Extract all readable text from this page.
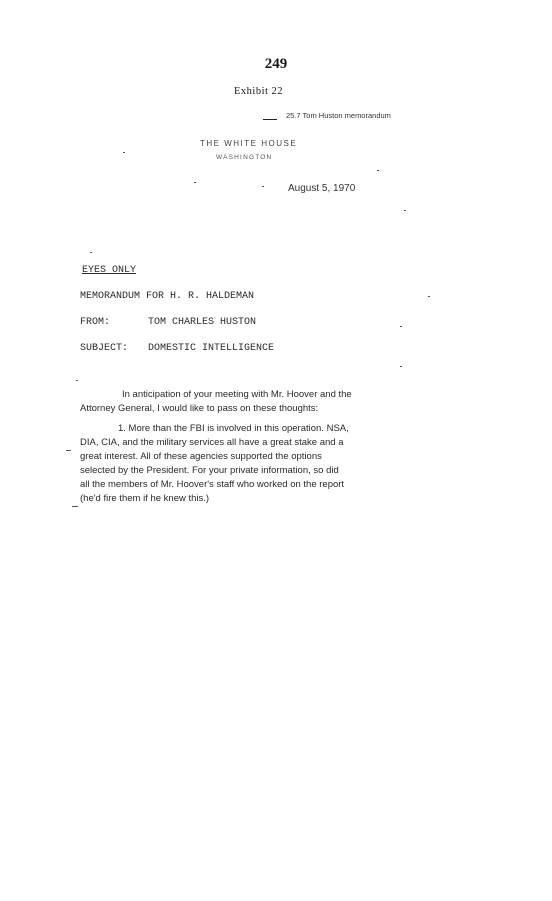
249
Exhibit 22
25.7 Tom Huston memorandum
THE WHITE HOUSE
WASHINGTON
August 5, 1970
EYES ONLY
MEMORANDUM FOR H. R. HALDEMAN
FROM:	TOM CHARLES HUSTON
SUBJECT: DOMESTIC INTELLIGENCE
In anticipation of your meeting with Mr. Hoover and the
Attorney General, I would like to pass on these thoughts:
1. More than the FBI is involved in this operation. NSA,
DIA, CIA, and the military services all have a great stake and a
great interest. All of these agencies supported the options
selected by the President. For your private information, so did
all the members of Mr. Hoover's staff who worked on the report
(he'd fire them if he knew this.)
